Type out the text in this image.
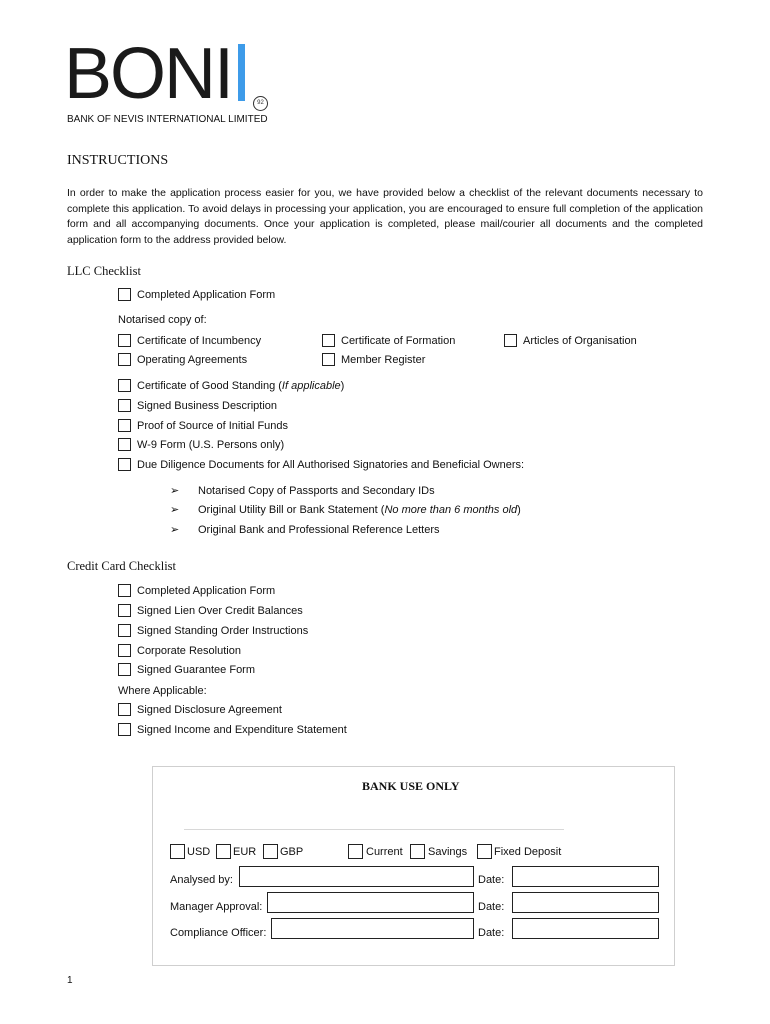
BONI	92
BANK OF NEVIS INTERNATIONAL LIMITED
INSTRUCTIONS
In order to make the application process easier for you, we have provided below a checklist of the relevant documents necessary to complete this application. To avoid delays in processing your application, you are encouraged to ensure full completion of the application form and all accompanying documents. Once your application is completed, please mail/courier all documents and the completed application form to the address provided below.
LLC Checklist
Completed Application Form
Notarised copy of:
Certificate of Incumbency	Certificate of Formation	Articles of Organisation
Operating Agreements	Member Register
Certificate of Good Standing ( If applicable )
Signed Business Description
Proof of Source of Initial Funds
W-9 Form (U.S. Persons only)
Due Diligence Documents for All Authorised Signatories and Beneficial Owners:
➢ Notarised Copy of Passports and Secondary IDs
➢ Original Utility Bill or Bank Statement (No more than 6 months old)
➢ Original Bank and Professional Reference Letters
Credit Card Checklist
Completed Application Form
Signed Lien Over Credit Balances
Signed Standing Order Instructions
Corporate Resolution
Signed Guarantee Form
Where Applicable:
Signed Disclosure Agreement
Signed Income and Expenditure Statement
BANK USE ONLY
USD EUR GBP	Current Savings Fixed Deposit
Analysed by:	Date:
Manager Approval:	Date:
Compliance Officer:	Date:
1
